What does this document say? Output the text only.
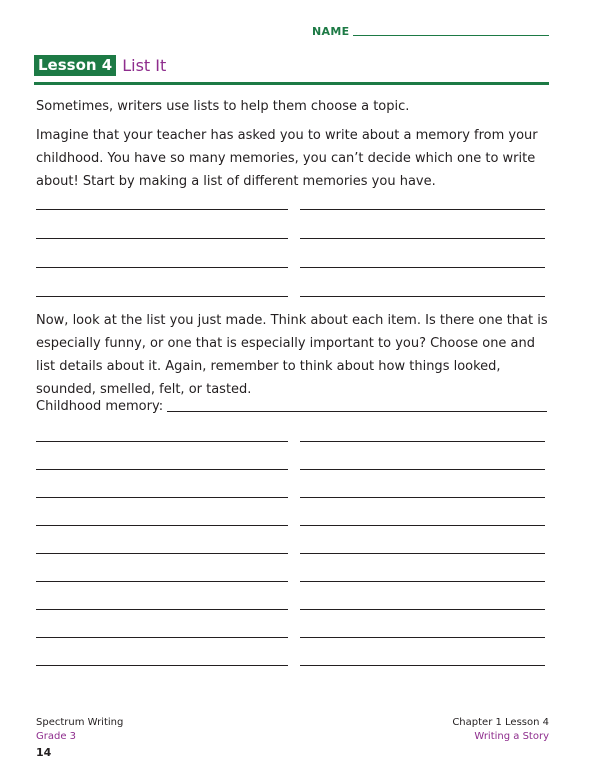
NAME
Lesson 4 List It

Sometimes, writers use lists to help them choose a topic.

Imagine that your teacher has asked you to write about a memory from your childhood. You have so many memories, you can’t decide which one to write about! Start by making a list of different memories you have.

Now, look at the list you just made. Think about each item. Is there one that is especially funny, or one that is especially important to you? Choose one and list details about it. Again, remember to think about how things looked, sounded, smelled, felt, or tasted.

Childhood memory:
Spectrum Writing
Grade 3
14
Chapter 1 Lesson 4
Writing a Story
